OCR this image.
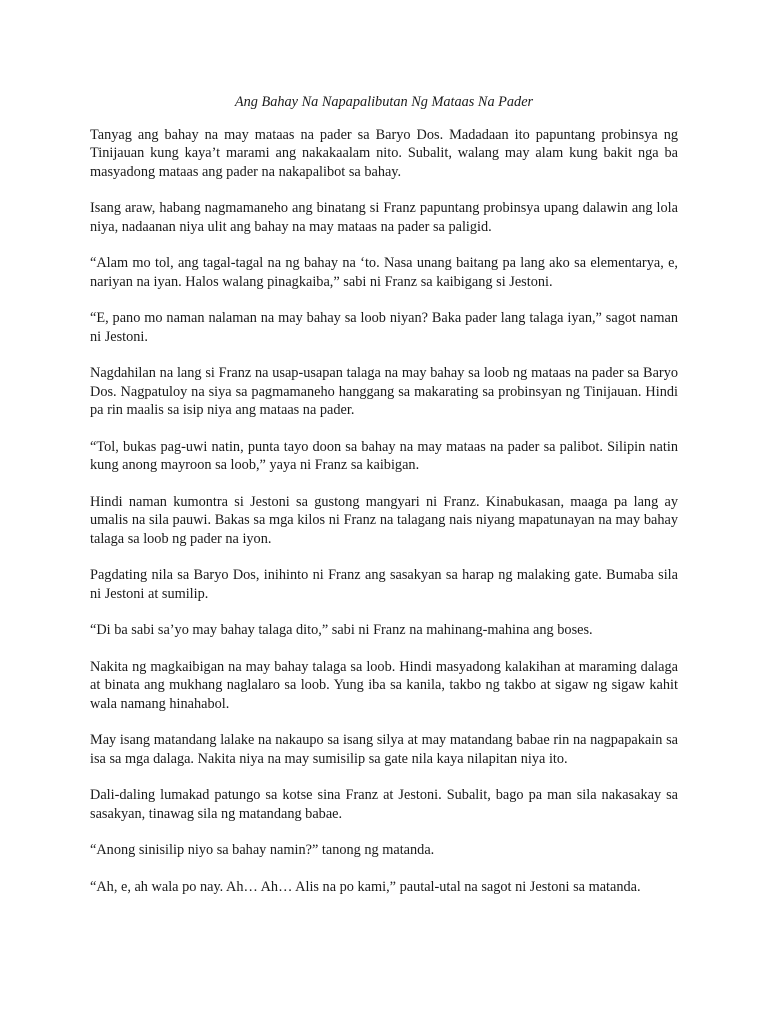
Ang Bahay Na Napapalibutan Ng Mataas Na Pader

Tanyag ang bahay na may mataas na pader sa Baryo Dos. Madadaan ito papuntang probinsya ng Tinijauan kung kaya’t marami ang nakakaalam nito. Subalit, walang may alam kung bakit nga ba masyadong mataas ang pader na nakapalibot sa bahay.

Isang araw, habang nagmamaneho ang binatang si Franz papuntang probinsya upang dalawin ang lola niya, nadaanan niya ulit ang bahay na may mataas na pader sa paligid.

“Alam mo tol, ang tagal-tagal na ng bahay na ‘to. Nasa unang baitang pa lang ako sa elementarya, e, nariyan na iyan. Halos walang pinagkaiba,” sabi ni Franz sa kaibigang si Jestoni.

“E, pano mo naman nalaman na may bahay sa loob niyan? Baka pader lang talaga iyan,” sagot naman ni Jestoni.

Nagdahilan na lang si Franz na usap-usapan talaga na may bahay sa loob ng mataas na pader sa Baryo Dos. Nagpatuloy na siya sa pagmamaneho hanggang sa makarating sa probinsyan ng Tinijauan. Hindi pa rin maalis sa isip niya ang mataas na pader.

“Tol, bukas pag-uwi natin, punta tayo doon sa bahay na may mataas na pader sa palibot. Silipin natin kung anong mayroon sa loob,” yaya ni Franz sa kaibigan.

Hindi naman kumontra si Jestoni sa gustong mangyari ni Franz. Kinabukasan, maaga pa lang ay umalis na sila pauwi. Bakas sa mga kilos ni Franz na talagang nais niyang mapatunayan na may bahay talaga sa loob ng pader na iyon.

Pagdating nila sa Baryo Dos, inihinto ni Franz ang sasakyan sa harap ng malaking gate. Bumaba sila ni Jestoni at sumilip.

“Di ba sabi sa’yo may bahay talaga dito,” sabi ni Franz na mahinang-mahina ang boses.

Nakita ng magkaibigan na may bahay talaga sa loob. Hindi masyadong kalakihan at maraming dalaga at binata ang mukhang naglalaro sa loob. Yung iba sa kanila, takbo ng takbo at sigaw ng sigaw kahit wala namang hinahabol.

May isang matandang lalake na nakaupo sa isang silya at may matandang babae rin na nagpapakain sa isa sa mga dalaga. Nakita niya na may sumisilip sa gate nila kaya nilapitan niya ito.

Dali-daling lumakad patungo sa kotse sina Franz at Jestoni. Subalit, bago pa man sila nakasakay sa sasakyan, tinawag sila ng matandang babae.

“Anong sinisilip niyo sa bahay namin?” tanong ng matanda.

“Ah, e, ah wala po nay. Ah… Ah… Alis na po kami,” pautal-utal na sagot ni Jestoni sa matanda.
